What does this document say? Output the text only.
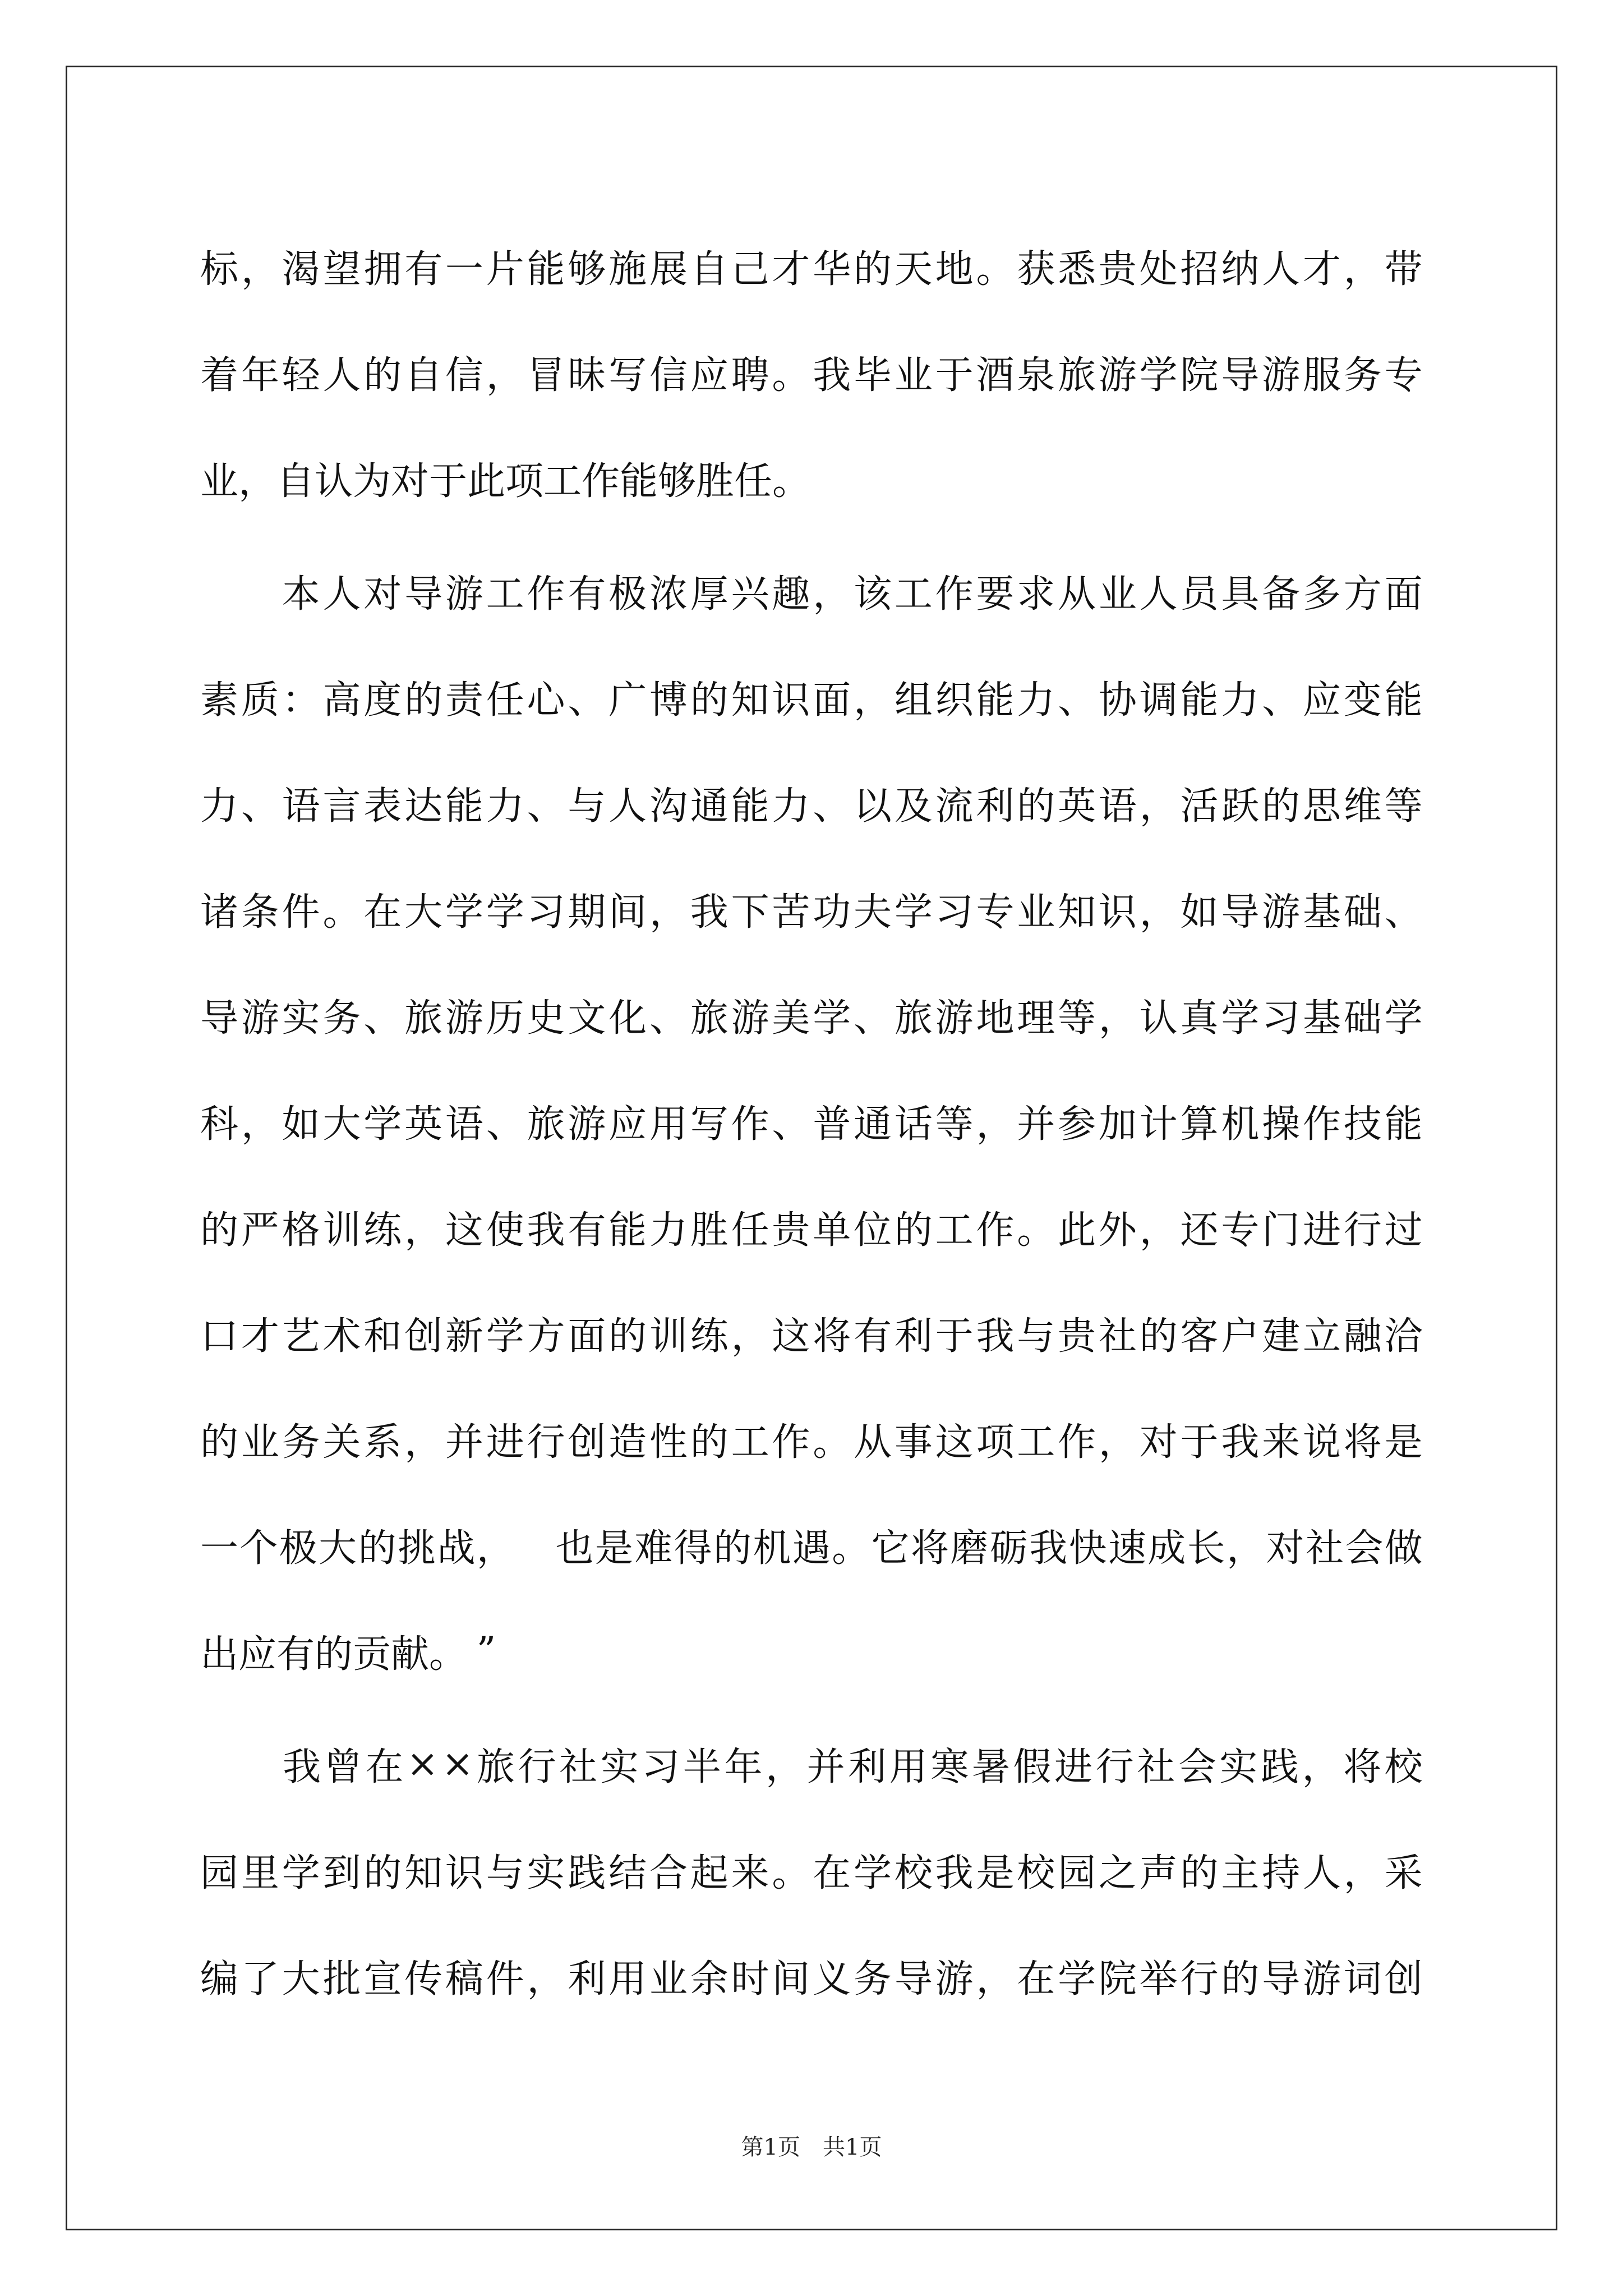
标 ， 渴 望 拥 有 一 片 能 够 施 展 自 己 才 华 的 天 地 。 获 悉 贵 处 招 纳 人 才 ， 带
着 年 轻 人 的 自 信 ， 冒 昧 写 信 应 聘 。 我 毕 业 于 酒 泉 旅 游 学 院 导 游 服 务 专
业 ， 自 认 为 对 于 此 项 工 作 能 够 胜 任 。

本 人 对 导 游 工 作 有 极 浓 厚 兴 趣 ， 该 工 作 要 求 从 业 人 员 具 备 多 方 面
素 质 ： 高 度 的 责 任 心 、 广 博 的 知 识 面 ， 组 织 能 力 、 协 调 能 力 、 应 变 能
力 、 语 言 表 达 能 力 、 与 人 沟 通 能 力 、 以 及 流 利 的 英 语 ， 活 跃 的 思 维 等
诸 条 件 。 在 大 学 学 习 期 间 ， 我 下 苦 功 夫 学 习 专 业 知 识 ， 如 导 游 基 础 、
导 游 实 务 、 旅 游 历 史 文 化 、 旅 游 美 学 、 旅 游 地 理 等 ， 认 真 学 习 基 础 学
科 ， 如 大 学 英 语 、 旅 游 应 用 写 作 、 普 通 话 等 ， 并 参 加 计 算 机 操 作 技 能
的 严 格 训 练 ， 这 使 我 有 能 力 胜 任 贵 单 位 的 工 作 。 此 外 ， 还 专 门 进 行 过
口 才 艺 术 和 创 新 学 方 面 的 训 练 ， 这 将 有 利 于 我 与 贵 社 的 客 户 建 立 融 洽
的 业 务 关 系 ， 并 进 行 创 造 性 的 工 作 。 从 事 这 项 工 作 ， 对 于 我 来 说 将 是
一 个 极 大 的 挑 战 ，
　 也 是 难 得 的 机 遇 。 它 将 磨 砺 我 快 速 成 长 ， 对 社 会 做
出 应 有 的 贡 献 。 ”

我 曾 在 × × 旅 行 社 实 习 半 年 ， 并 利 用 寒 暑 假 进 行 社 会 实 践 ， 将 校
园 里 学 到 的 知 识 与 实 践 结 合 起 来 。 在 学 校 我 是 校 园 之 声 的 主 持 人 ， 采
编 了 大 批 宣 传 稿 件 ， 利 用 业 余 时 间 义 务 导 游 ， 在 学 院 举 行 的 导 游 词 创
第1页　共1页
